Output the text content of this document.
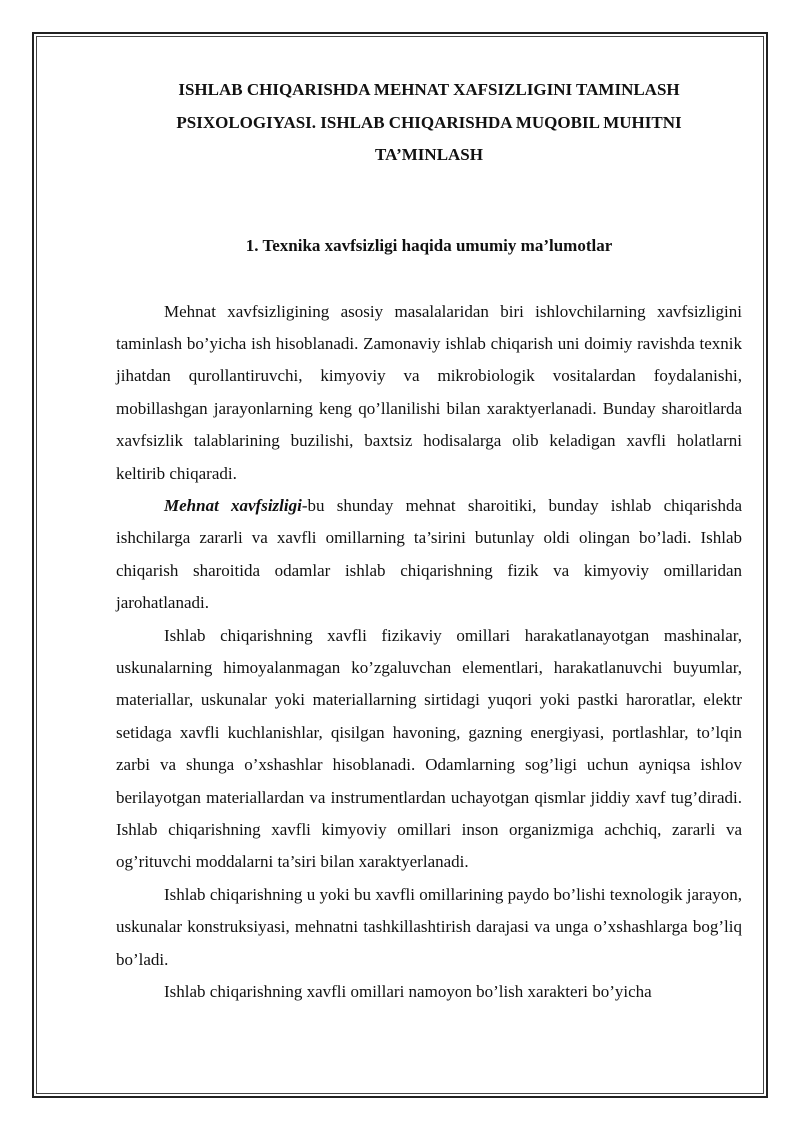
ISHLAB CHIQARISHDA MEHNAT XAFSIZLIGINI TAMINLASH PSIXOLOGIYASI. ISHLAB CHIQARISHDA MUQOBIL MUHITNI TA’MINLASH
1. Texnika xavfsizligi haqida umumiy ma’lumotlar

Mehnat xavfsizligining asosiy masalalaridan biri ishlovchilarning xavfsizligini taminlash bo’yicha ish hisoblanadi. Zamonaviy ishlab chiqarish uni doimiy ravishda texnik jihatdan qurollantiruvchi, kimyoviy va mikrobiologik vositalardan foydalanishi, mobillashgan jarayonlarning keng qo’llanilishi bilan xaraktyerlanadi. Bunday sharoitlarda xavfsizlik talablarining buzilishi, baxtsiz hodisalarga olib keladigan xavfli holatlarni keltirib chiqaradi.

Mehnat xavfsizligi-bu shunday mehnat sharoitiki, bunday ishlab chiqarishda ishchilarga zararli va xavfli omillarning ta’sirini butunlay oldi olingan bo’ladi. Ishlab chiqarish sharoitida odamlar ishlab chiqarishning fizik va kimyoviy omillaridan jarohatlanadi.

Ishlab chiqarishning xavfli fizikaviy omillari harakatlanayotgan mashinalar, uskunalarning himoyalanmagan ko’zgaluvchan elementlari, harakatlanuvchi buyumlar, materiallar, uskunalar yoki materiallarning sirtidagi yuqori yoki pastki haroratlar, elektr setidaga xavfli kuchlanishlar, qisilgan havoning, gazning energiyasi, portlashlar, to’lqin zarbi va shunga o’xshashlar hisoblanadi. Odamlarning sog’ligi uchun ayniqsa ishlov berilayotgan materiallardan va instrumentlardan uchayotgan qismlar jiddiy xavf tug’diradi. Ishlab chiqarishning xavfli kimyoviy omillari inson organizmiga achchiq, zararli va og’rituvchi moddalarni ta’siri bilan xaraktyerlanadi.

Ishlab chiqarishning u yoki bu xavfli omillarining paydo bo’lishi texnologik jarayon, uskunalar konstruksiyasi, mehnatni tashkillashtirish darajasi va unga o’xshashlarga bog’liq bo’ladi.

Ishlab chiqarishning xavfli omillari namoyon bo’lish xarakteri bo’yicha
